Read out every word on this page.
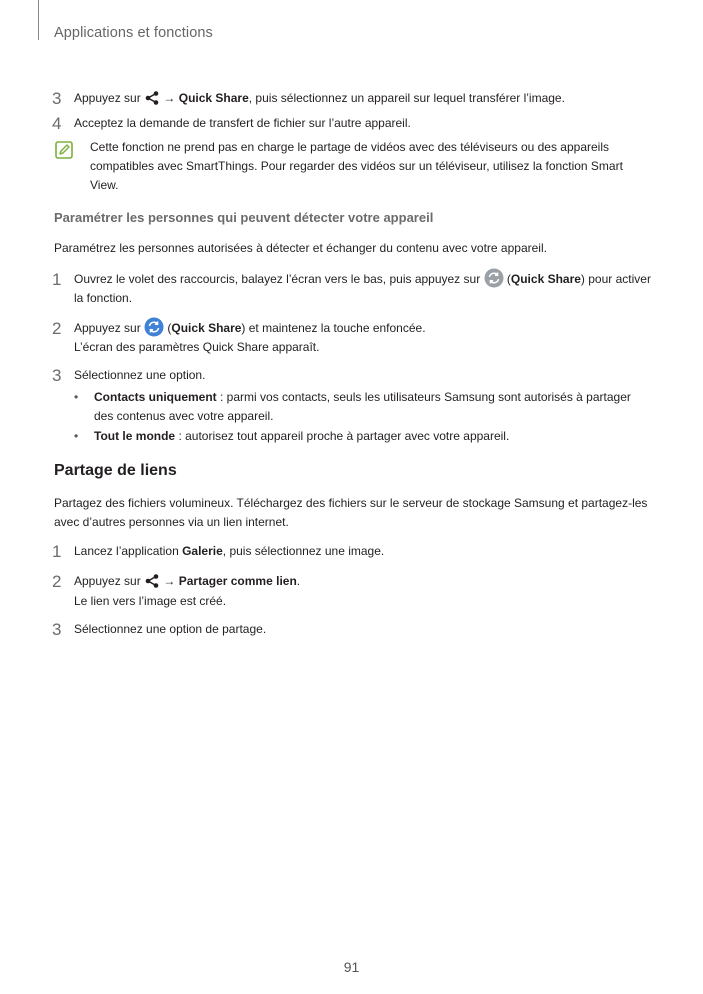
Applications et fonctions
3 Appuyez sur → Quick Share, puis sélectionnez un appareil sur lequel transférer l’image.
4 Acceptez la demande de transfert de fichier sur l’autre appareil.
Cette fonction ne prend pas en charge le partage de vidéos avec des téléviseurs ou des appareils
compatibles avec SmartThings. Pour regarder des vidéos sur un téléviseur, utilisez la fonction Smart
View.
Paramétrer les personnes qui peuvent détecter votre appareil
Paramétrez les personnes autorisées à détecter et échanger du contenu avec votre appareil.
1 Ouvrez le volet des raccourcis, balayez l’écran vers le bas, puis appuyez sur (Quick Share) pour activer
la fonction.
2 Appuyez sur (Quick Share) et maintenez la touche enfoncée.
L’écran des paramètres Quick Share apparaît.
3 Sélectionnez une option.
• Contacts uniquement : parmi vos contacts, seuls les utilisateurs Samsung sont autorisés à partager
des contenus avec votre appareil.
• Tout le monde : autorisez tout appareil proche à partager avec votre appareil.
Partage de liens
Partagez des fichiers volumineux. Téléchargez des fichiers sur le serveur de stockage Samsung et partagez-les
avec d’autres personnes via un lien internet.
1 Lancez l’application Galerie, puis sélectionnez une image.
2 Appuyez sur → Partager comme lien.
Le lien vers l’image est créé.
3 Sélectionnez une option de partage.
91
